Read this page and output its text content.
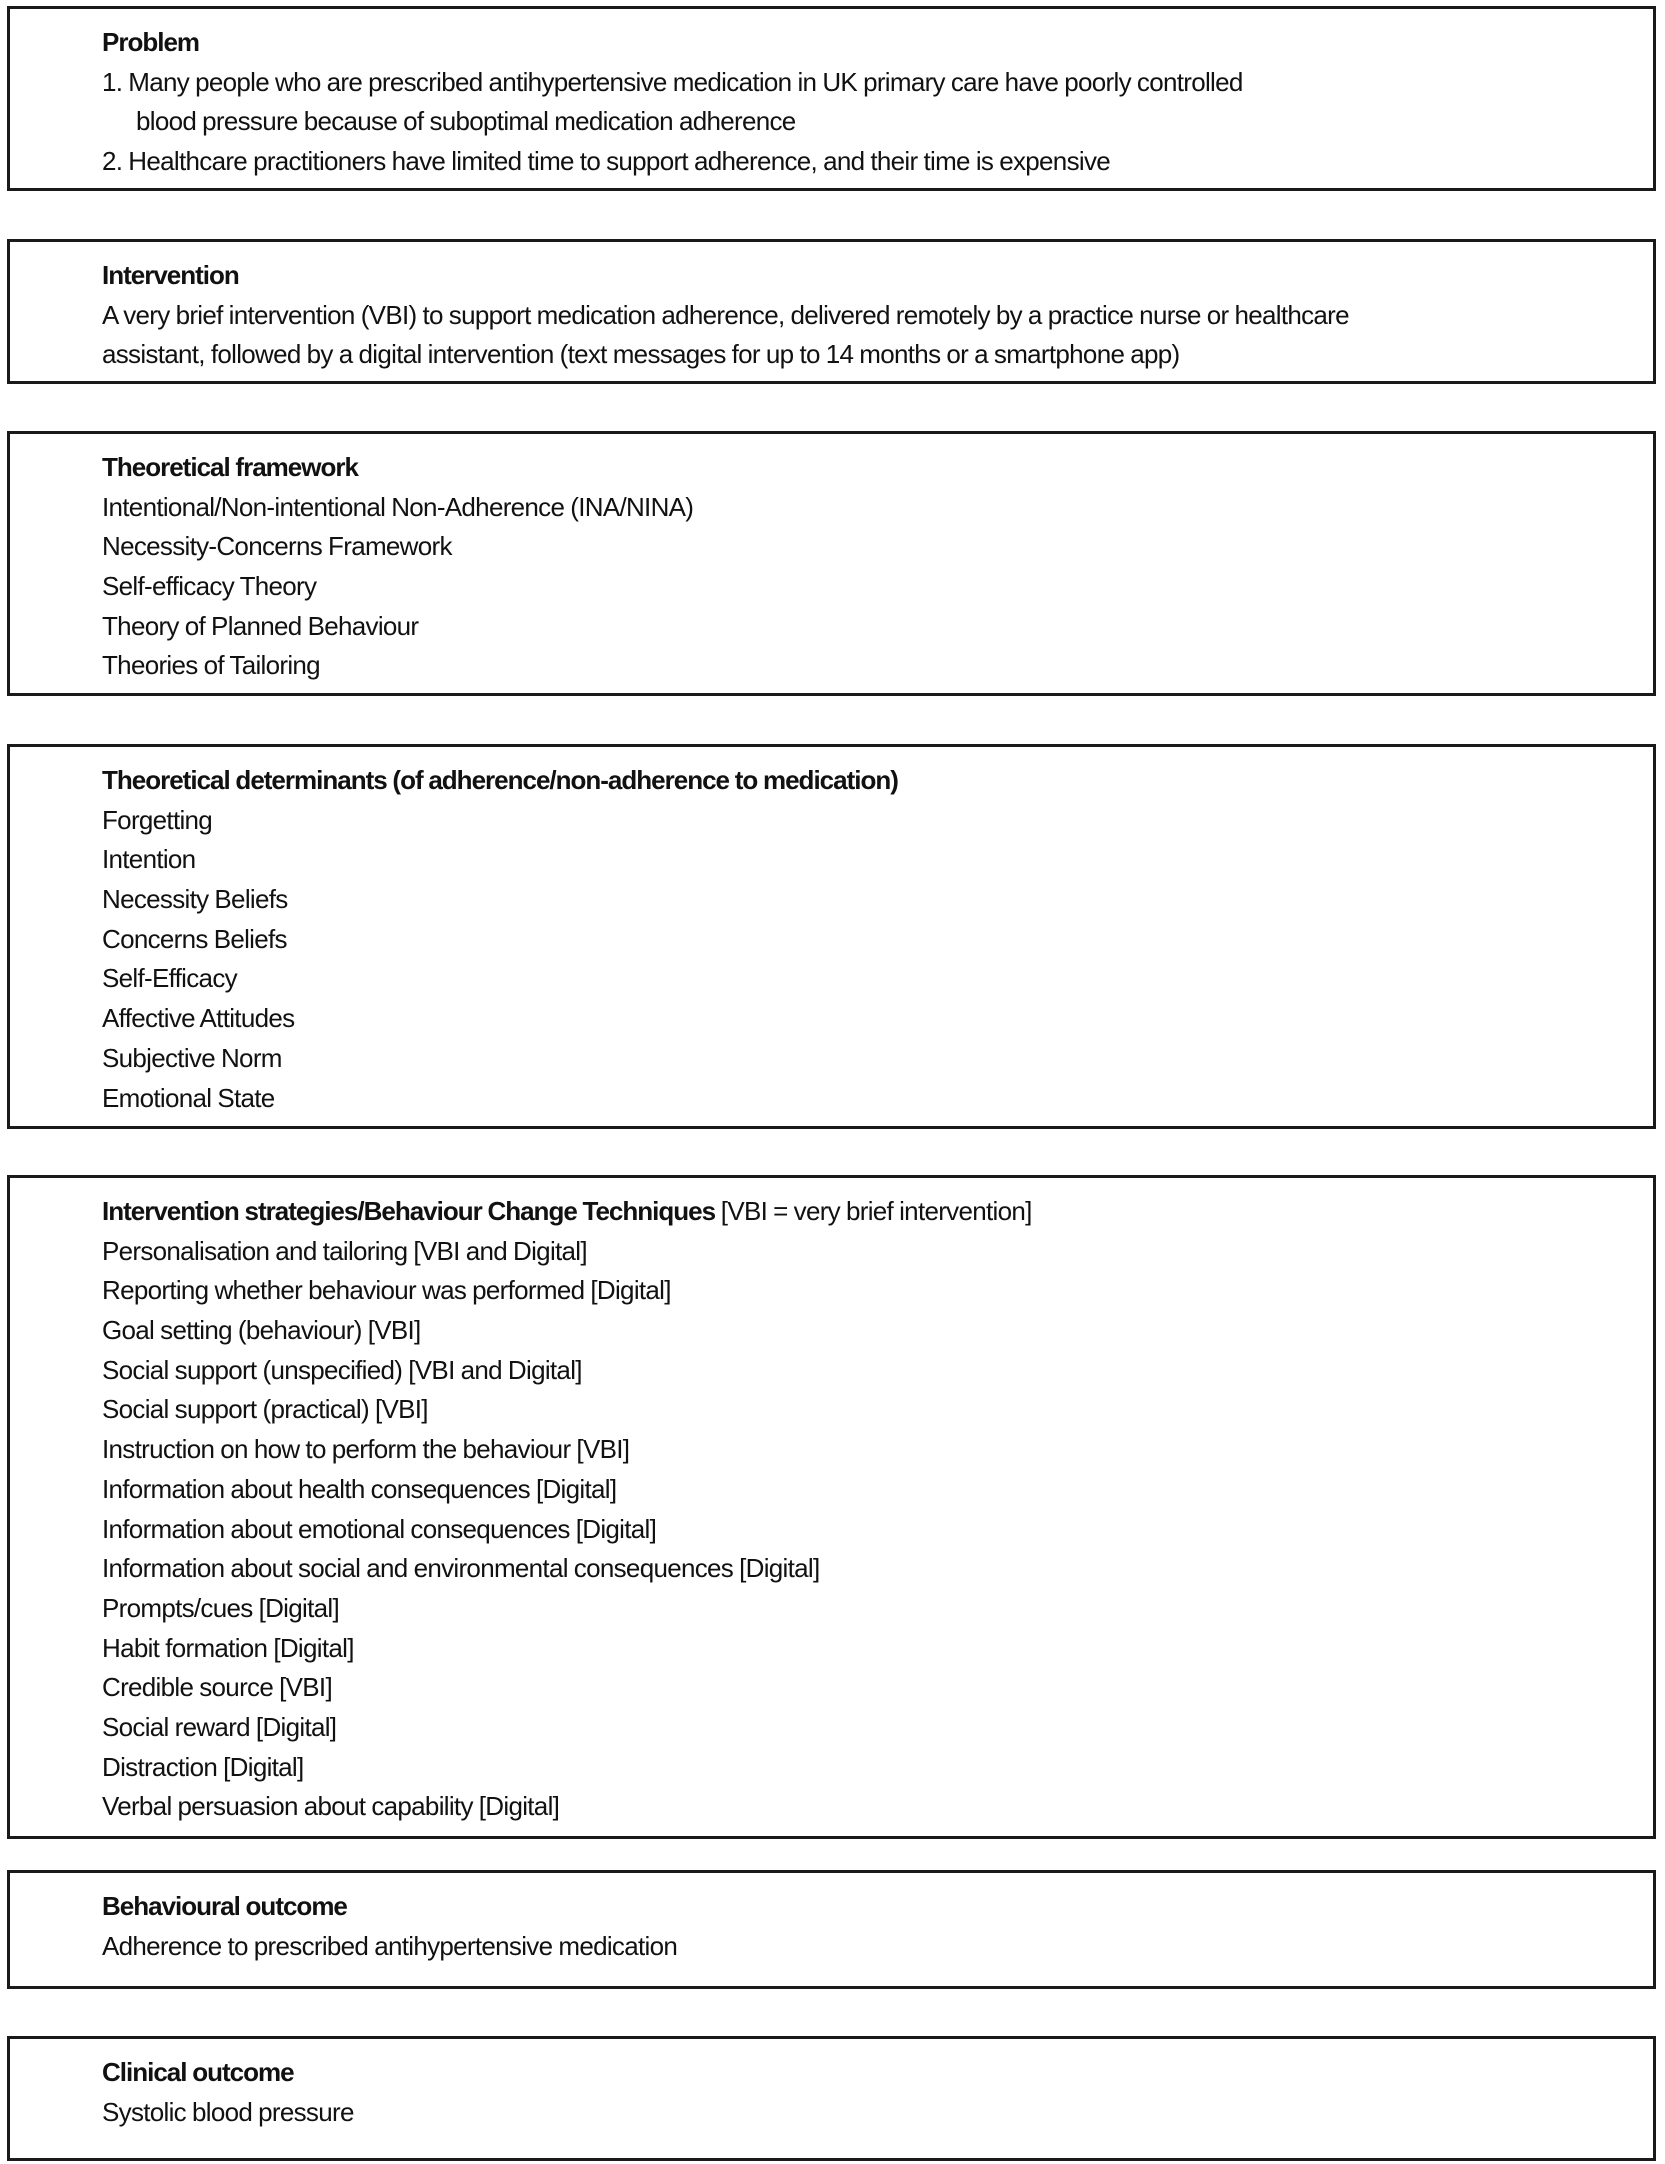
Problem
1. Many people who are prescribed antihypertensive medication in UK primary care have poorly controlled
blood pressure because of suboptimal medication adherence
2. Healthcare practitioners have limited time to support adherence, and their time is expensive
Intervention
A very brief intervention (VBI) to support medication adherence, delivered remotely by a practice nurse or healthcare
assistant, followed by a digital intervention (text messages for up to 14 months or a smartphone app)
Theoretical framework
Intentional/Non-intentional Non-Adherence (INA/NINA)
Necessity-Concerns Framework
Self-efficacy Theory
Theory of Planned Behaviour
Theories of Tailoring
Theoretical determinants (of adherence/non-adherence to medication)
Forgetting
Intention
Necessity Beliefs
Concerns Beliefs
Self-Efficacy
Affective Attitudes
Subjective Norm
Emotional State
Intervention strategies/Behaviour Change Techniques [VBI = very brief intervention]
Personalisation and tailoring [VBI and Digital]
Reporting whether behaviour was performed [Digital]
Goal setting (behaviour) [VBI]
Social support (unspecified) [VBI and Digital]
Social support (practical) [VBI]
Instruction on how to perform the behaviour [VBI]
Information about health consequences [Digital]
Information about emotional consequences [Digital]
Information about social and environmental consequences [Digital]
Prompts/cues [Digital]
Habit formation [Digital]
Credible source [VBI]
Social reward [Digital]
Distraction [Digital]
Verbal persuasion about capability [Digital]
Behavioural outcome
Adherence to prescribed antihypertensive medication
Clinical outcome
Systolic blood pressure
